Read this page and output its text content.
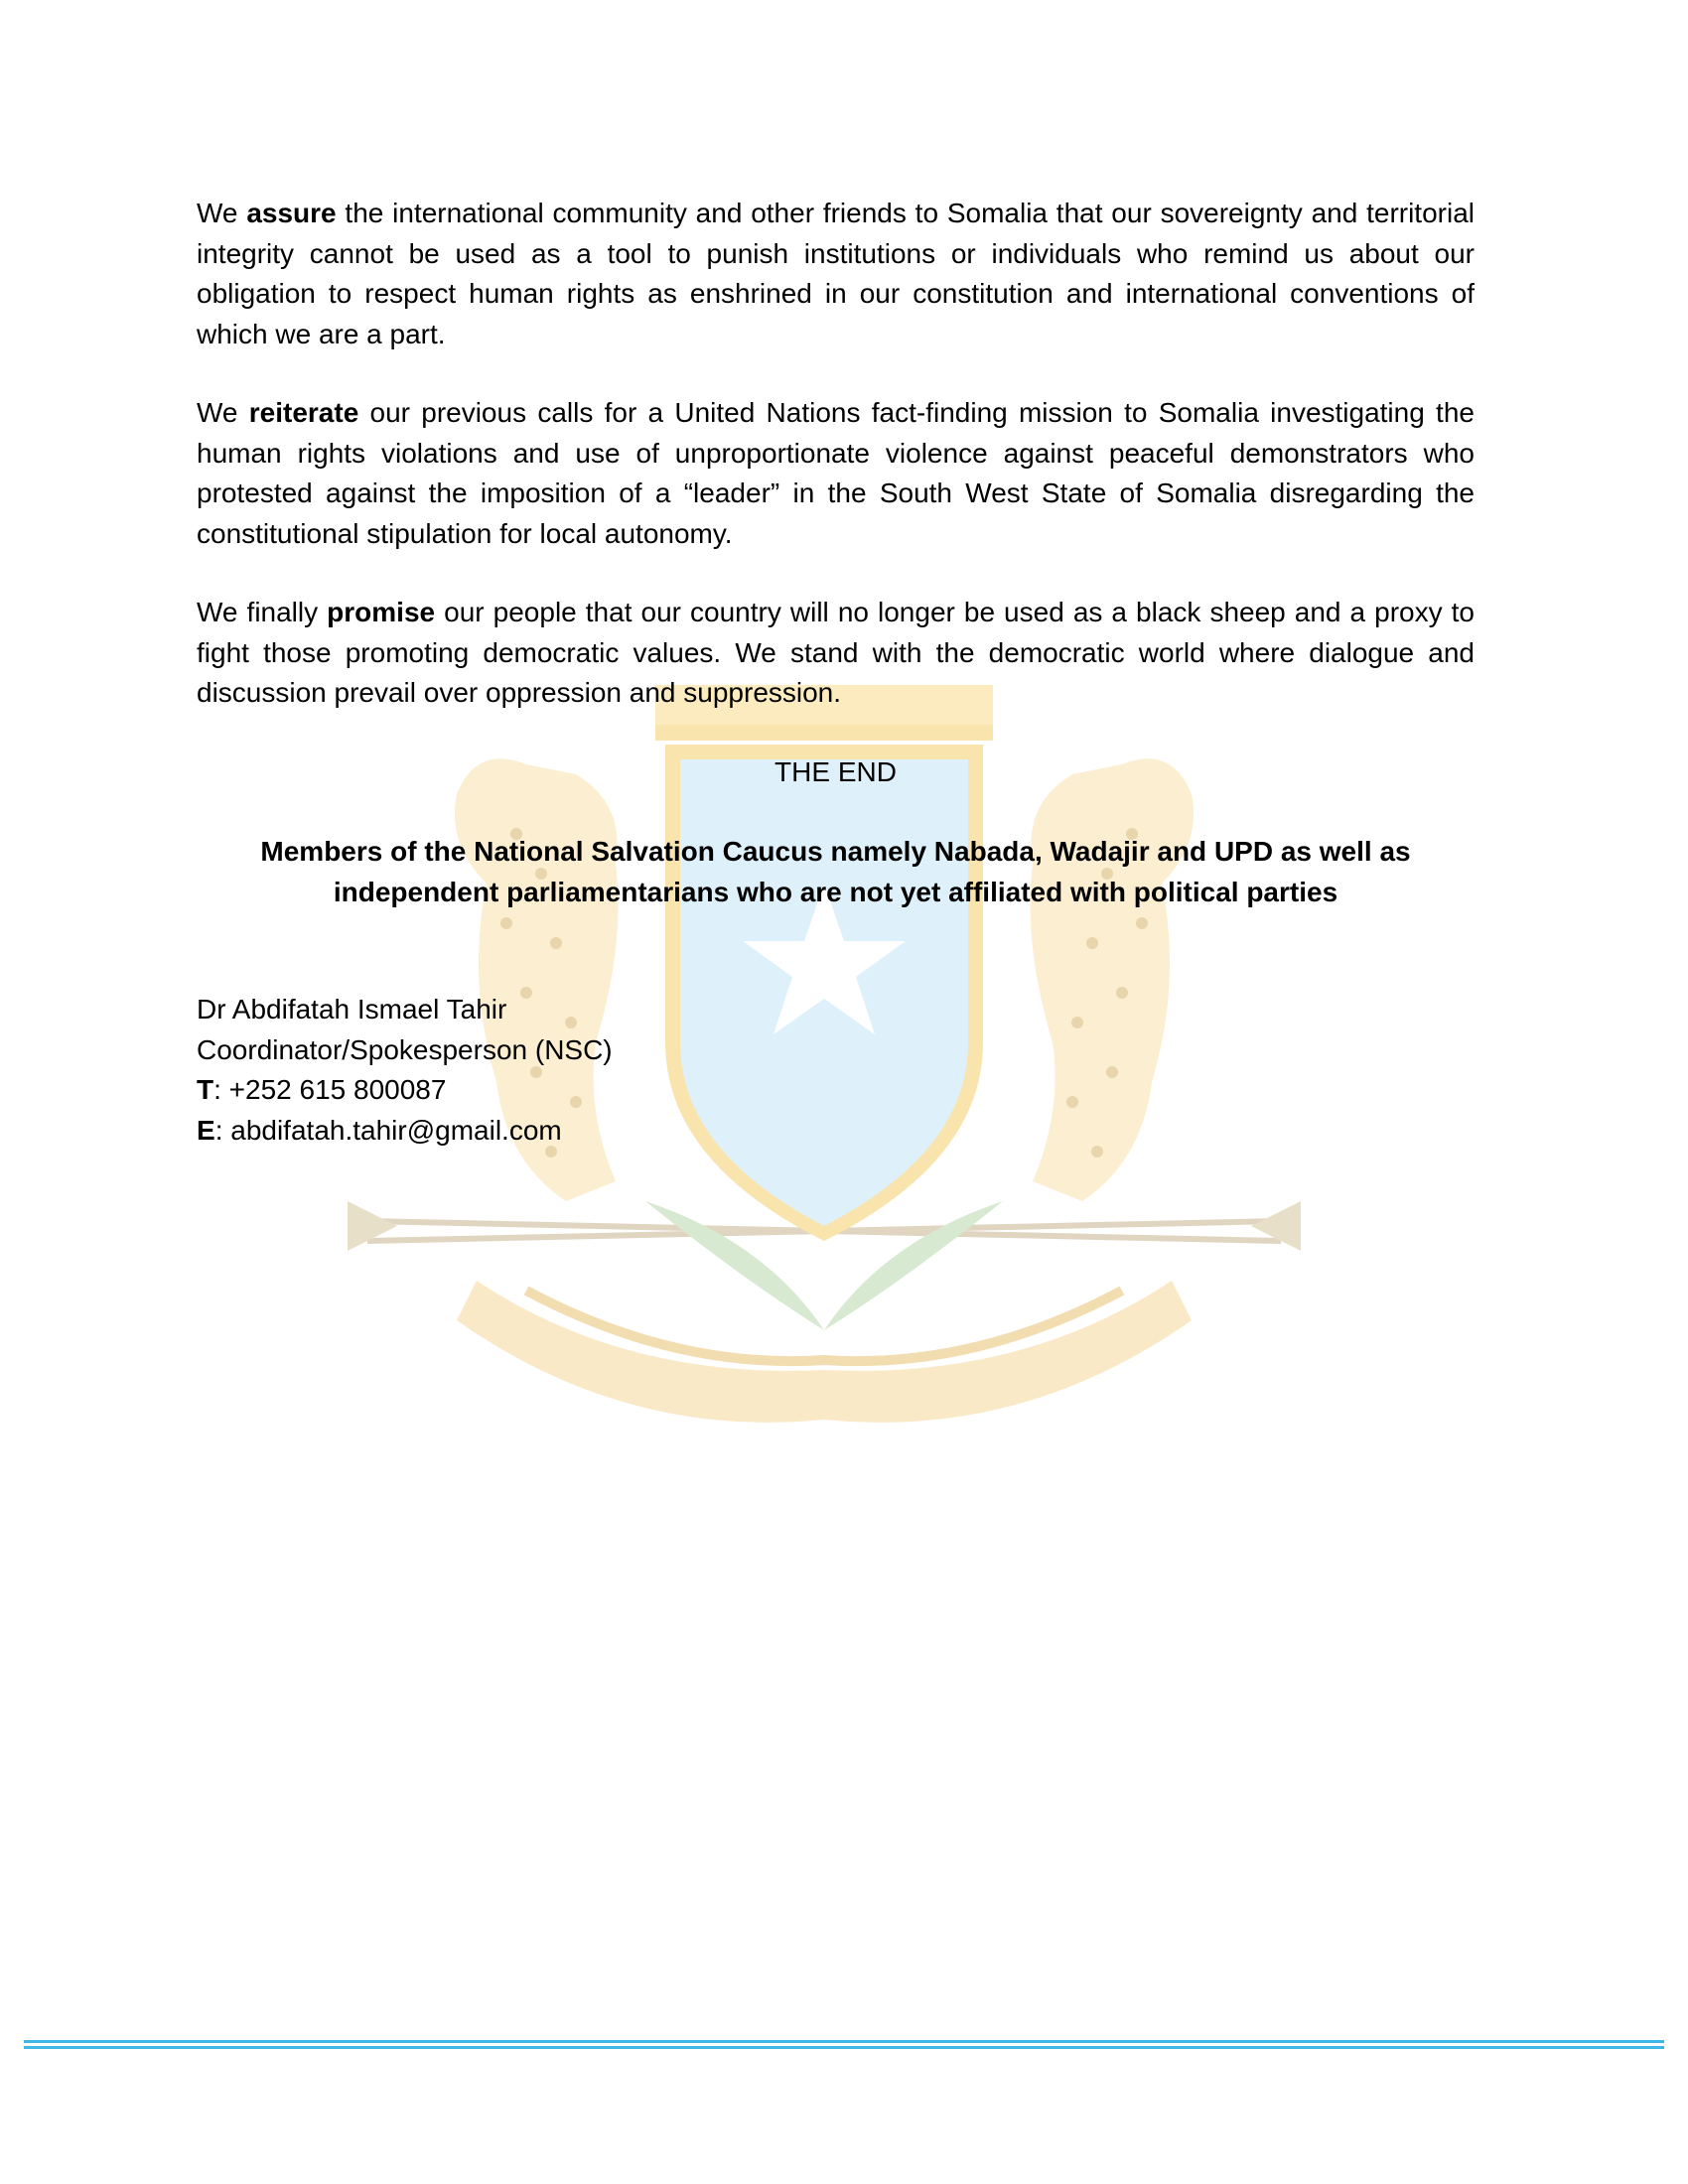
We assure the international community and other friends to Somalia that our sovereignty and territorial integrity cannot be used as a tool to punish institutions or individuals who remind us about our obligation to respect human rights as enshrined in our constitution and international conventions of which we are a part.

We reiterate our previous calls for a United Nations fact-finding mission to Somalia investigating the human rights violations and use of unproportionate violence against peaceful demonstrators who protested against the imposition of a “leader” in the South West State of Somalia disregarding the constitutional stipulation for local autonomy.

We finally promise our people that our country will no longer be used as a black sheep and a proxy to fight those promoting democratic values. We stand with the democratic world where dialogue and discussion prevail over oppression and suppression.

THE END

Members of the National Salvation Caucus namely Nabada, Wadajir and UPD as well as
independent parliamentarians who are not yet affiliated with political parties

Dr Abdifatah Ismael Tahir

Coordinator/Spokesperson (NSC)

T: +252 615 800087

E: abdifatah.tahir@gmail.com
